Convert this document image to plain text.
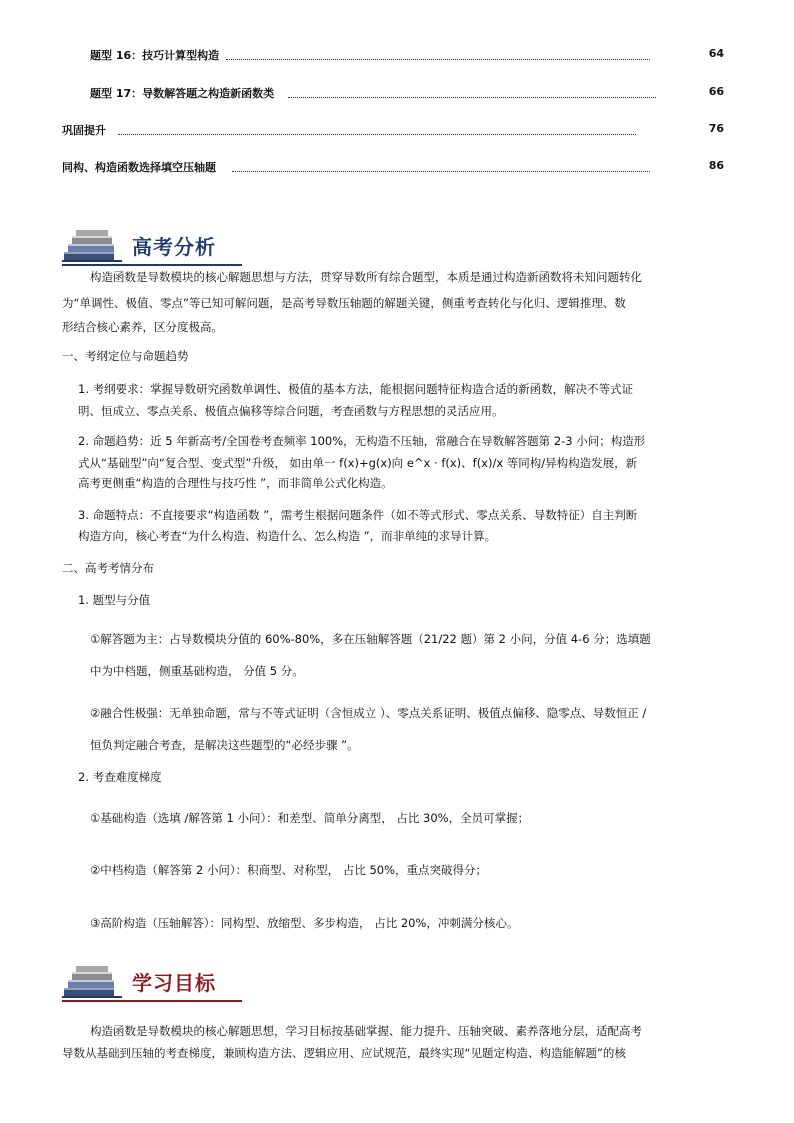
题型 16：技巧计算型构造	64
题型 17：导数解答题之构造新函数类	66
巩固提升	76
同构、构造函数选择填空压轴题	86
高考分析
构造函数是导数模块的核心解题思想与方法，贯穿导数所有综合题型，本质是通过构造新函数将未知问题转化
为“单调性、极值、零点”等已知可解问题，是高考导数压轴题的解题关键，侧重考查转化与化归、逻辑推理、数
形结合核心素养，区分度极高。
一、考纲定位与命题趋势
1. 考纲要求：掌握导数研究函数单调性、极值的基本方法，能根据问题特征构造合适的新函数，解决不等式证
明、恒成立、零点关系、极值点偏移等综合问题，考查函数与方程思想的灵活应用。
2. 命题趋势：近 5 年新高考/全国卷考查频率 100%，无构造不压轴，常融合在导数解答题第 2-3 小问；构造形
式从“基础型”向“复合型、变式型”升级， 如由单一 f(x)+g(x)向 e^x · f(x)、f(x)/x 等同构/异构构造发展，新
高考更侧重“构造的合理性与技巧性 ”，而非简单公式化构造。
3. 命题特点：不直接要求“构造函数 ”，需考生根据问题条件（如不等式形式、零点关系、导数特征）自主判断
构造方向，核心考查“为什么构造、构造什么、怎么构造 ”，而非单纯的求导计算。
二、高考考情分布
1. 题型与分值
①解答题为主：占导数模块分值的 60%-80%，多在压轴解答题（21/22 题）第 2 小问，分值 4-6 分；选填题
中为中档题，侧重基础构造， 分值 5 分。
②融合性极强：无单独命题，常与不等式证明（含恒成立 ）、零点关系证明、极值点偏移、隐零点、导数恒正 /
恒负判定融合考查，是解决这些题型的“必经步骤 ”。
2. 考查难度梯度
①基础构造（选填 /解答第 1 小问）：和差型、简单分离型， 占比 30%，全员可掌握；
②中档构造（解答第 2 小问）：积商型、对称型， 占比 50%，重点突破得分；
③高阶构造（压轴解答）：同构型、放缩型、多步构造， 占比 20%，冲刺满分核心。
学习目标
构造函数是导数模块的核心解题思想，学习目标按基础掌握、能力提升、压轴突破、素养落地分层，适配高考
导数从基础到压轴的考查梯度，兼顾构造方法、逻辑应用、应试规范，最终实现“见题定构造、构造能解题”的核
